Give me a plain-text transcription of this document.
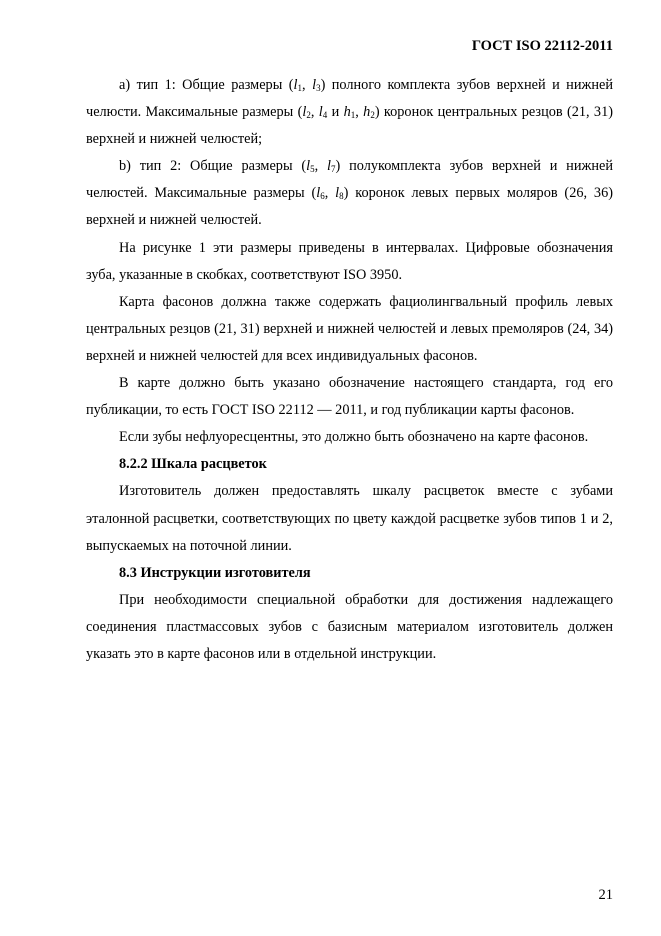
ГОСТ ISO 22112-2011

а) тип 1: Общие размеры ($l_1$, $l_3$) полного комплекта зубов верхней и нижней челюсти. Максимальные размеры ($l_2$, $l_4$ и $h_1$, $h_2$) коронок центральных резцов (21, 31) верхней и нижней челюстей;

b) тип 2: Общие размеры ($l_5$, $l_7$) полукомплекта зубов верхней и нижней челюстей. Максимальные размеры ($l_6$, $l_8$) коронок левых первых моляров (26, 36) верхней и нижней челюстей.

На рисунке 1 эти размеры приведены в интервалах. Цифровые обозначения зуба, указанные в скобках, соответствуют ISO 3950.

Карта фасонов должна также содержать фациолингвальный профиль левых центральных резцов (21, 31) верхней и нижней челюстей и левых премоляров (24, 34) верхней и нижней челюстей для всех индивидуальных фасонов.

В карте должно быть указано обозначение настоящего стандарта, год его публикации, то есть ГОСТ ISO 22112 — 2011, и год публикации карты фасонов.

Если зубы нефлуоресцентны, это должно быть обозначено на карте фасонов.

8.2.2 Шкала расцветок

Изготовитель должен предоставлять шкалу расцветок вместе с зубами эталонной расцветки, соответствующих по цвету каждой расцветке зубов типов 1 и 2, выпускаемых на поточной линии.

8.3 Инструкции изготовителя

При необходимости специальной обработки для достижения надлежащего соединения пластмассовых зубов с базисным материалом изготовитель должен указать это в карте фасонов или в отдельной инструкции.

21
